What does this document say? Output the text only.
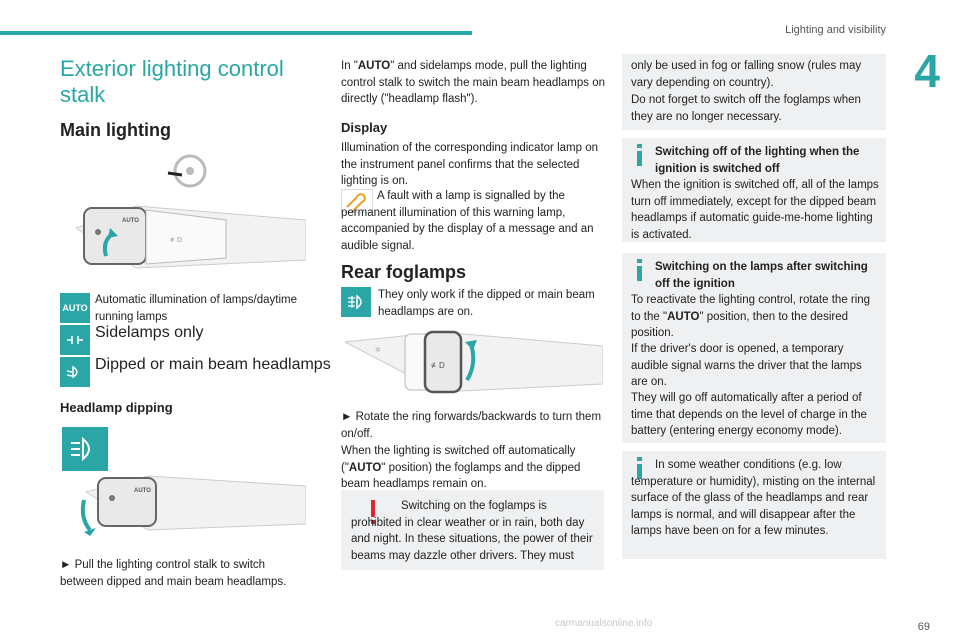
Lighting and visibility
4
69
carmanualsonline.info
Exterior lighting control stalk
Main lighting
AUTO
≢D
AUTO

Automatic illumination of lamps/daytime running lamps

Sidelamps only

Dipped or main beam headlamps

Headlamp dipping
AUTO

► Pull the lighting control stalk to switch between dipped and main beam headlamps.

In "AUTO" and sidelamps mode, pull the lighting control stalk to switch the main beam headlamps on directly ("headlamp flash").

Display

Illumination of the corresponding indicator lamp on the instrument panel confirms that the selected lighting is on.

A fault with a lamp is signalled by the permanent illumination of this warning lamp, accompanied by the display of a message and an audible signal.

Rear foglamps

They only work if the dipped or main beam headlamps are on.

✲
≢D

► Rotate the ring forwards/backwards to turn them on/off.

When the lighting is switched off automatically ("AUTO" position) the foglamps and the dipped beam headlamps remain on.

Switching on the foglamps is prohibited in clear weather or in rain, both day and night. In these situations, the power of their beams may dazzle other drivers. They must

only be used in fog or falling snow (rules may vary depending on country).

Do not forget to switch off the foglamps when they are no longer necessary.

Switching off of the lighting when the ignition is switched off

When the ignition is switched off, all of the lamps turn off immediately, except for the dipped beam headlamps if automatic guide-me-home lighting is activated.

Switching on the lamps after switching off the ignition

To reactivate the lighting control, rotate the ring to the "AUTO" position, then to the desired position.

If the driver's door is opened, a temporary audible signal warns the driver that the lamps are on.

They will go off automatically after a period of time that depends on the level of charge in the battery (entering energy economy mode).

In some weather conditions (e.g. low temperature or humidity), misting on the internal surface of the glass of the headlamps and rear lamps is normal, and will disappear after the lamps have been on for a few minutes.
